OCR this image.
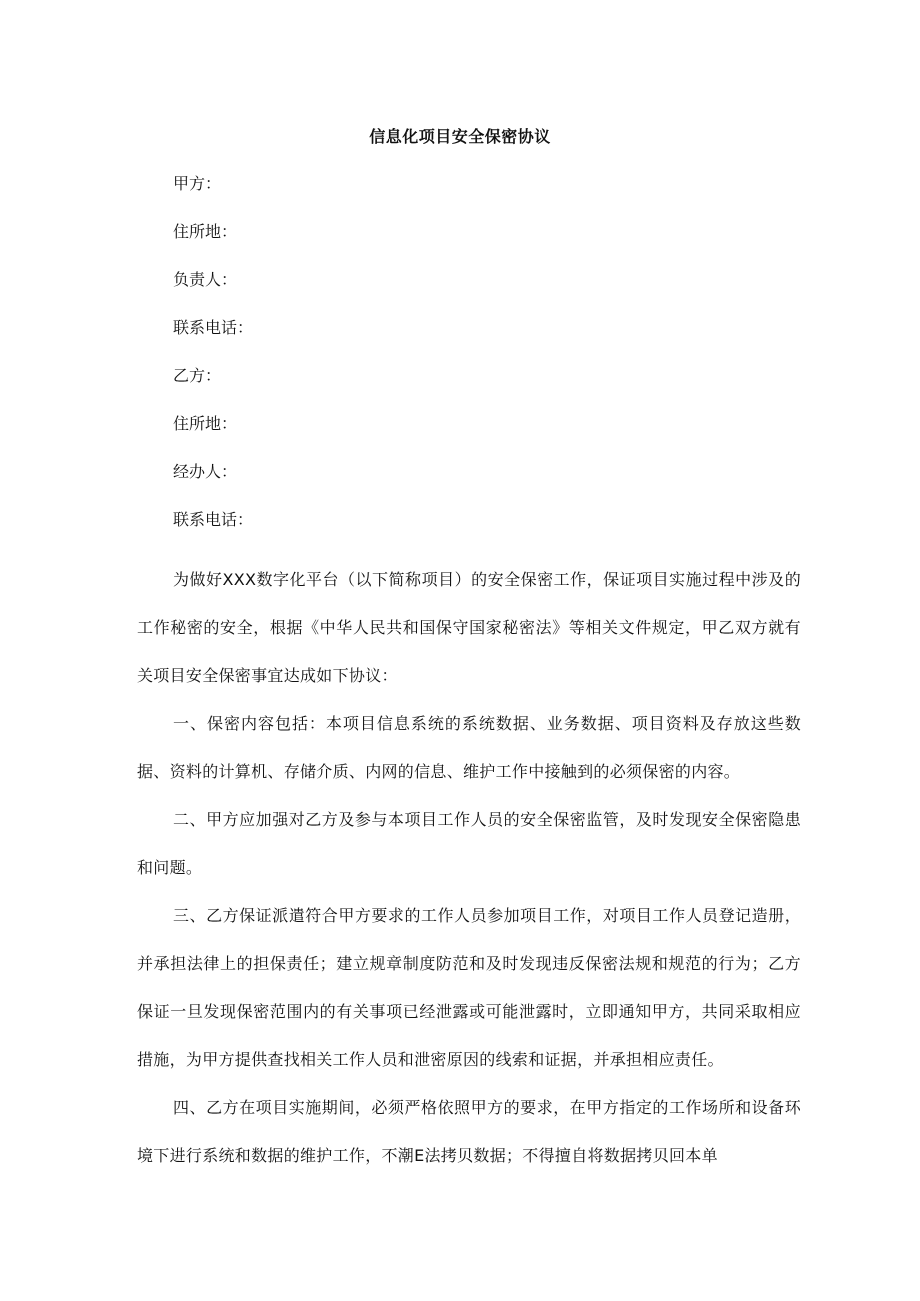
信息化项目安全保密协议
甲方：
住所地：
负责人：
联系电话：
乙方：
住所地：
经办人：
联系电话：

为做好XXX数字化平台（以下简称项目）的安全保密工作，保证项目实施过程中涉及的工作秘密的安全，根据《中华人民共和国保守国家秘密法》等相关文件规定，甲乙双方就有关项目安全保密事宜达成如下协议：

一、保密内容包括：本项目信息系统的系统数据、业务数据、项目资料及存放这些数据、资料的计算机、存储介质、内网的信息、维护工作中接触到的必须保密的内容。

二、甲方应加强对乙方及参与本项目工作人员的安全保密监管，及时发现安全保密隐患和问题。

三、乙方保证派遣符合甲方要求的工作人员参加项目工作，对项目工作人员登记造册，并承担法律上的担保责任；建立规章制度防范和及时发现违反保密法规和规范的行为；乙方保证一旦发现保密范围内的有关事项已经泄露或可能泄露时，立即通知甲方，共同采取相应措施，为甲方提供查找相关工作人员和泄密原因的线索和证据，并承担相应责任。

四、乙方在项目实施期间，必须严格依照甲方的要求，在甲方指定的工作场所和设备环境下进行系统和数据的维护工作，不潮E法拷贝数据；不得擅自将数据拷贝回本单
